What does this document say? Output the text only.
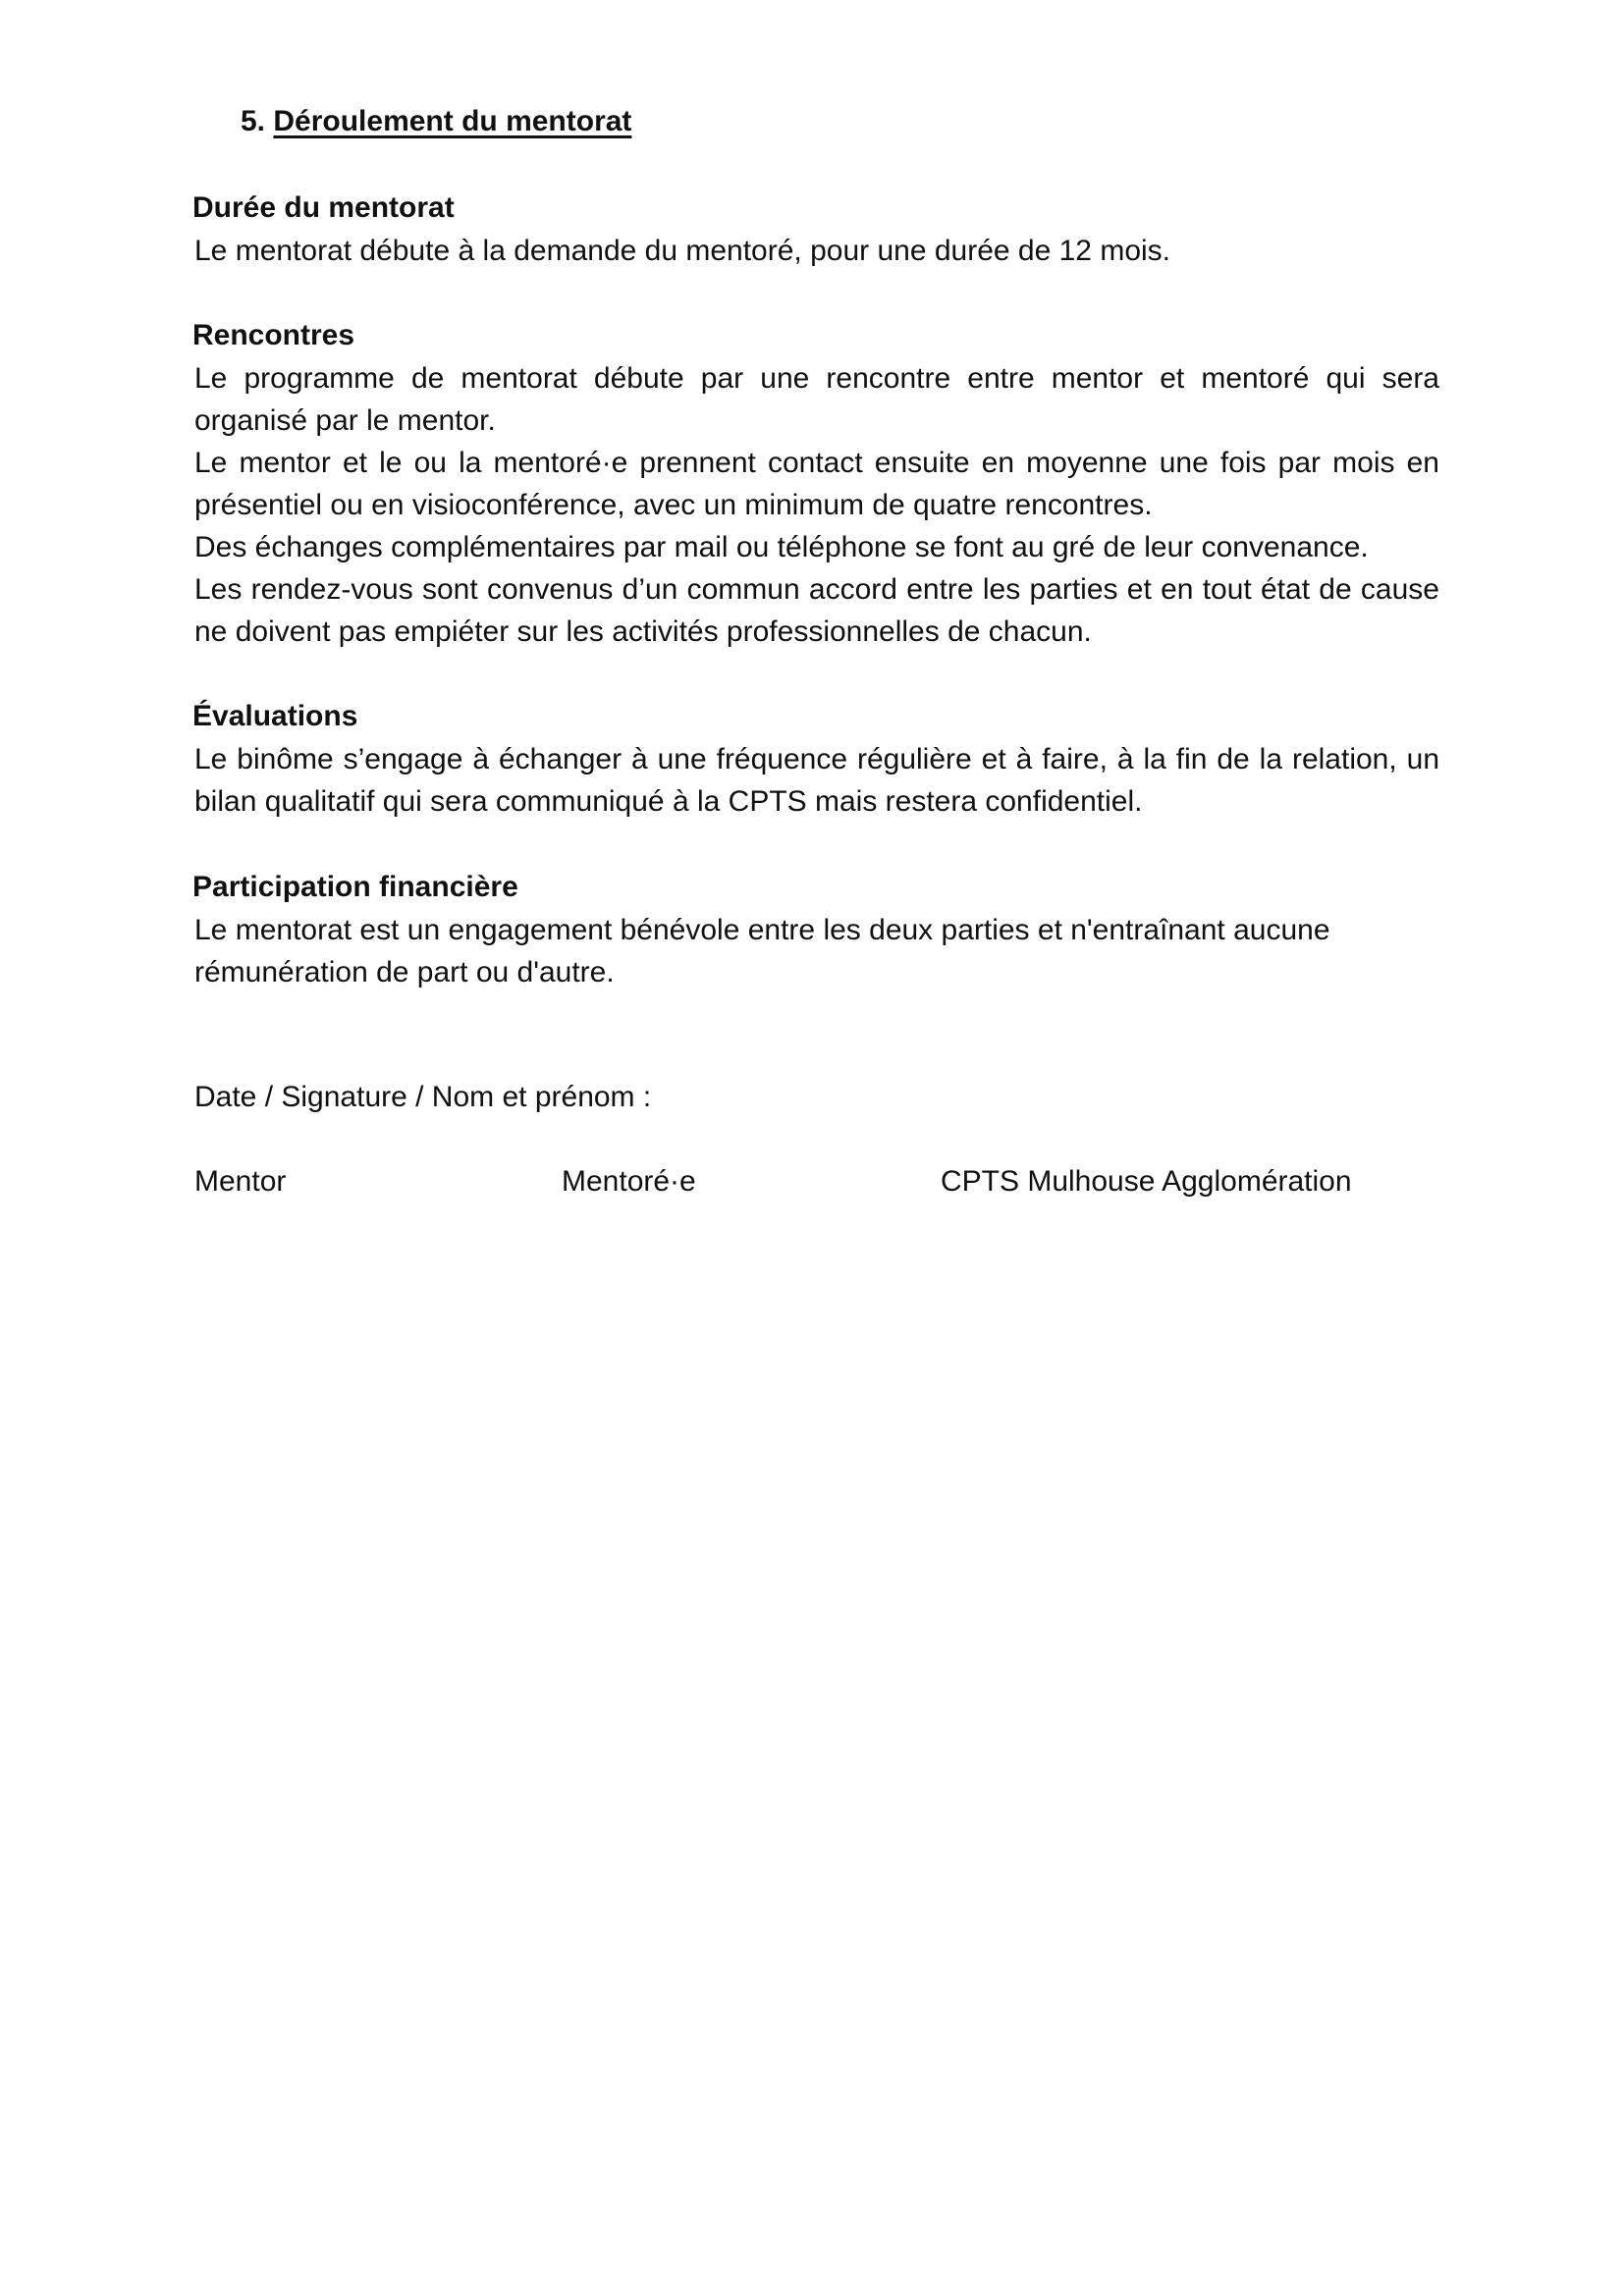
5. Déroulement du mentorat
Durée du mentorat

Le mentorat débute à la demande du mentoré, pour une durée de 12 mois.

Rencontres

Le programme de mentorat débute par une rencontre entre mentor et mentoré qui sera organisé par le mentor.

Le mentor et le ou la mentoré·e prennent contact ensuite en moyenne une fois par mois en présentiel ou en visioconférence, avec un minimum de quatre rencontres.

Des échanges complémentaires par mail ou téléphone se font au gré de leur convenance.

Les rendez-vous sont convenus d’un commun accord entre les parties et en tout état de cause ne doivent pas empiéter sur les activités professionnelles de chacun.

Évaluations

Le binôme s’engage à échanger à une fréquence régulière et à faire, à la fin de la relation, un bilan qualitatif qui sera communiqué à la CPTS mais restera confidentiel.

Participation financière

Le mentorat est un engagement bénévole entre les deux parties et n'entraînant aucune

rémunération de part ou d'autre.

Date / Signature / Nom et prénom :
Mentor	Mentoré·e	CPTS Mulhouse Agglomération
